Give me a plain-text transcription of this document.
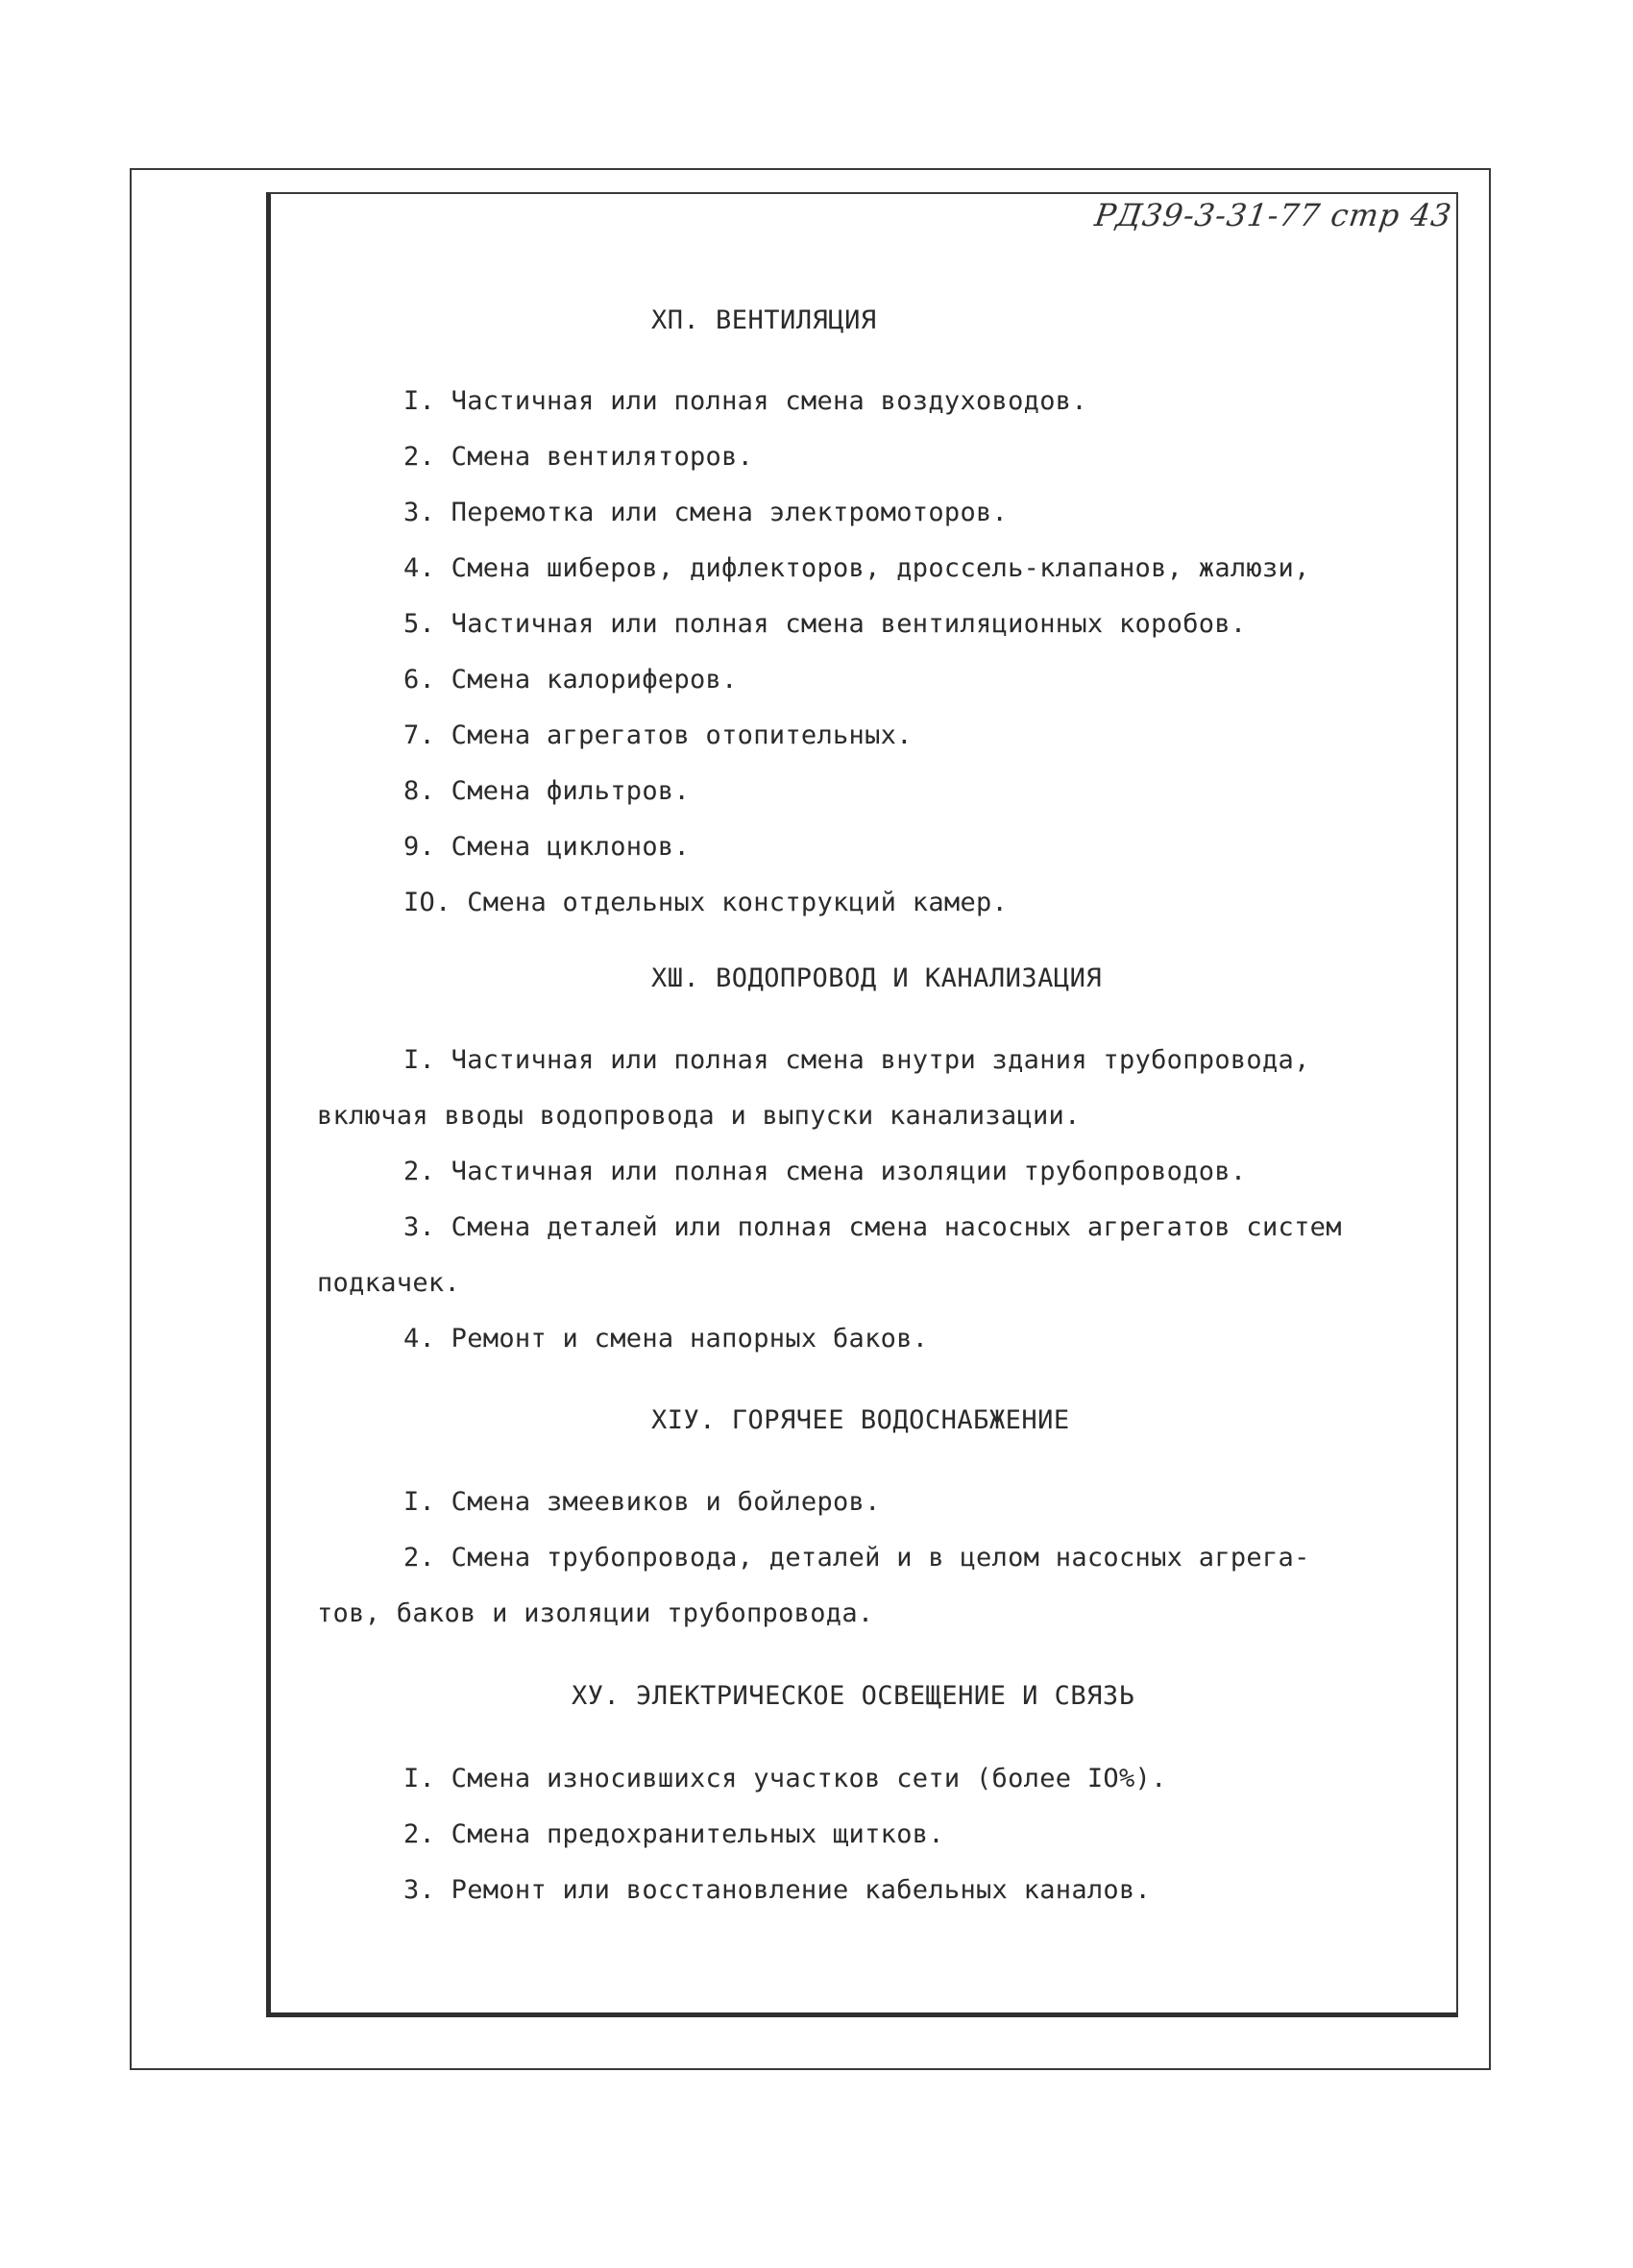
РД39-3-31-77 стр 43
XП. ВЕНТИЛЯЦИЯ
I. Частичная или полная смена воздуховодов.
2. Смена вентиляторов.
3. Перемотка или смена электромоторов.
4. Смена шиберов, дифлекторов, дроссель-клапанов, жалюзи,
5. Частичная или полная смена вентиляционных коробов.
6. Смена калориферов.
7. Смена агрегатов отопительных.
8. Смена фильтров.
9. Смена циклонов.
IO. Смена отдельных конструкций камер.
XШ. ВОДОПРОВОД И КАНАЛИЗАЦИЯ
I. Частичная или полная смена внутри здания трубопровода,
включая вводы водопровода и выпуски канализации.
2. Частичная или полная смена изоляции трубопроводов.
3. Смена деталей или полная смена насосных агрегатов систем
подкачек.
4. Ремонт и смена напорных баков.
XIУ. ГОРЯЧЕЕ ВОДОСНАБЖЕНИЕ
I. Смена змеевиков и бойлеров.
2. Смена трубопровода, деталей и в целом насосных агрега-
тов, баков и изоляции трубопровода.
XУ. ЭЛЕКТРИЧЕСКОЕ ОСВЕЩЕНИЕ И СВЯЗЬ
I. Смена износившихся участков сети (более IO%).
2. Смена предохранительных щитков.
3. Ремонт или восстановление кабельных каналов.
